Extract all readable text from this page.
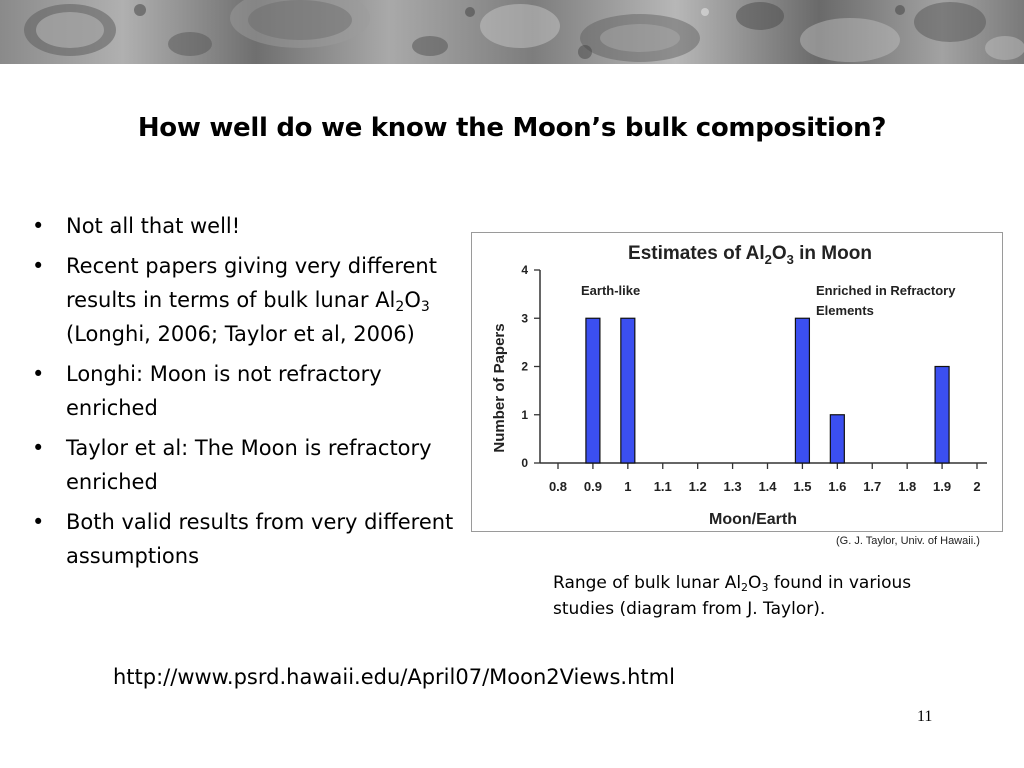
How well do we know the Moon’s bulk composition?
• Not all that well!
• Recent papers giving very different results in terms of bulk lunar $Al_2O_3$ (Longhi, 2006; Taylor et al, 2006)
• Longhi: Moon is not refractory enriched
• Taylor et al: The Moon is refractory enriched
• Both valid results from very different assumptions
Estimates of $Al_2O_3$ in Moon
Number of Papers
Moon/Earth
Earth-like	Enriched in Refractory
Elements
0
1
2
3
4
0.8 0.9 1 1.1 1.2 1.3 1.4 1.5 1.6 1.7 1.8 1.9 2
(G. J. Taylor, Univ. of Hawaii.)
Range of bulk lunar $Al_2O_3$ found in various studies (diagram from J. Taylor).
http://www.psrd.hawaii.edu/April07/Moon2Views.html
11
